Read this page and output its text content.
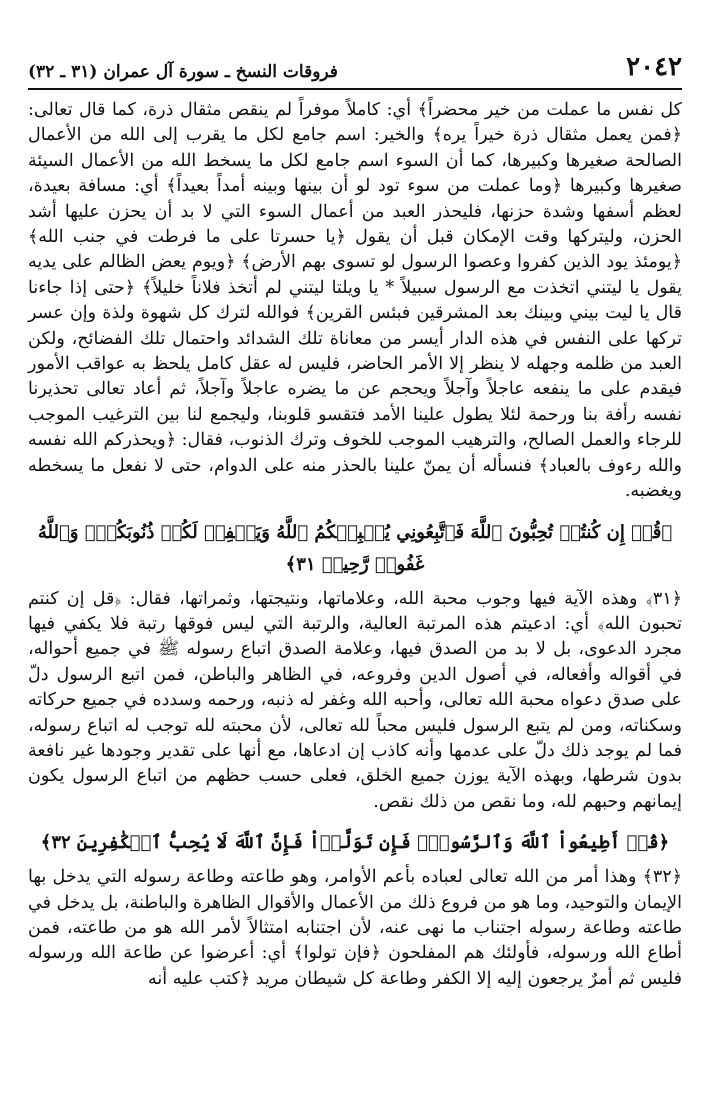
٢٠٤٢
فروقات النسخ ـ سورة آل عمران (٣١ ـ ٣٢)

كل نفس ما عملت من خير محضراً﴾ أي: كاملاً موفراً لم ينقص مثقال ذرة، كما قال تعالى: ﴿فمن يعمل مثقال ذرة خيراً يره﴾ والخير: اسم جامع لكل ما يقرب إلى الله من الأعمال الصالحة صغيرها وكبيرها، كما أن السوء اسم جامع لكل ما يسخط الله من الأعمال السيئة صغيرها وكبيرها ﴿وما عملت من سوء تود لو أن بينها وبينه أمداً بعيداً﴾ أي: مسافة بعيدة، لعظم أسفها وشدة حزنها، فليحذر العبد من أعمال السوء التي لا بد أن يحزن عليها أشد الحزن، وليتركها وقت الإمكان قبل أن يقول ﴿يا حسرتا على ما فرطت في جنب الله﴾ ﴿يومئذ يود الذين كفروا وعصوا الرسول لو تسوى بهم الأرض﴾ ﴿ويوم يعض الظالم على يديه يقول يا ليتني اتخذت مع الرسول سبيلاً * يا ويلتا ليتني لم أتخذ فلاناً خليلاً﴾ ﴿حتى إذا جاءنا قال يا ليت بيني وبينك بعد المشرقين فبئس القرين﴾ فوالله لترك كل شهوة ولذة وإن عسر تركها على النفس في هذه الدار أيسر من معاناة تلك الشدائد واحتمال تلك الفضائح، ولكن العبد من ظلمه وجهله لا ينظر إلا الأمر الحاضر، فليس له عقل كامل يلحظ به عواقب الأمور فيقدم على ما ينفعه عاجلاً وآجلاً ويحجم عن ما يضره عاجلاً وآجلاً، ثم أعاد تعالى تحذيرنا نفسه رأفة بنا ورحمة لئلا يطول علينا الأمد فتقسو قلوبنا، وليجمع لنا بين الترغيب الموجب للرجاء والعمل الصالح، والترهيب الموجب للخوف وترك الذنوب، فقال: ﴿ويحذركم الله نفسه والله رءوف بالعباد﴾ فنسأله أن يمنّ علينا بالحذر منه على الدوام، حتى لا نفعل ما يسخطه ويغضبه.

﴿قُلۡ إِن كُنتُمۡ تُحِبُّونَ ٱللَّهَ فَٱتَّبِعُونِي يُحۡبِبۡكُمُ ٱللَّهُ وَيَغۡفِرۡ لَكُمۡ ذُنُوبَكُمۡۚ وَٱللَّهُ غَفُورٞ رَّحِيمٞ ٣١﴾

﴿٣١﴾ وهذه الآية فيها وجوب محبة الله، وعلاماتها، ونتيجتها، وثمراتها، فقال: ﴿قل إن كنتم تحبون الله﴾ أي: ادعيتم هذه المرتبة العالية، والرتبة التي ليس فوقها رتبة فلا يكفي فيها مجرد الدعوى، بل لا بد من الصدق فيها، وعلامة الصدق اتباع رسوله ﷺ في جميع أحواله، في أقواله وأفعاله، في أصول الدين وفروعه، في الظاهر والباطن، فمن اتبع الرسول دلّ على صدق دعواه محبة الله تعالى، وأحبه الله وغفر له ذنبه، ورحمه وسدده في جميع حركاته وسكناته، ومن لم يتبع الرسول فليس محباً لله تعالى، لأن محبته لله توجب له اتباع رسوله، فما لم يوجد ذلك دلّ على عدمها وأنه كاذب إن ادعاها، مع أنها على تقدير وجودها غير نافعة بدون شرطها، وبهذه الآية يوزن جميع الخلق، فعلى حسب حظهم من اتباع الرسول يكون إيمانهم وحبهم لله، وما نقص من ذلك نقص.

﴿قُلۡ أَطِيعُواْ ٱللَّهَ وَٱلرَّسُولَۖ فَإِن تَوَلَّوۡاْ فَإِنَّ ٱللَّهَ لَا يُحِبُّ ٱلۡكَٰفِرِينَ ٣٢﴾

﴿٣٢﴾ وهذا أمر من الله تعالى لعباده بأعم الأوامر، وهو طاعته وطاعة رسوله التي يدخل بها الإيمان والتوحيد، وما هو من فروع ذلك من الأعمال والأقوال الظاهرة والباطنة، بل يدخل في طاعته وطاعة رسوله اجتناب ما نهى عنه، لأن اجتنابه امتثالاً لأمر الله هو من طاعته، فمن أطاع الله ورسوله، فأولئك هم المفلحون ﴿فإن تولوا﴾ أي: أعرضوا عن طاعة الله ورسوله فليس ثم أمرٌ يرجعون إليه إلا الكفر وطاعة كل شيطان مريد ﴿كتب عليه أنه
